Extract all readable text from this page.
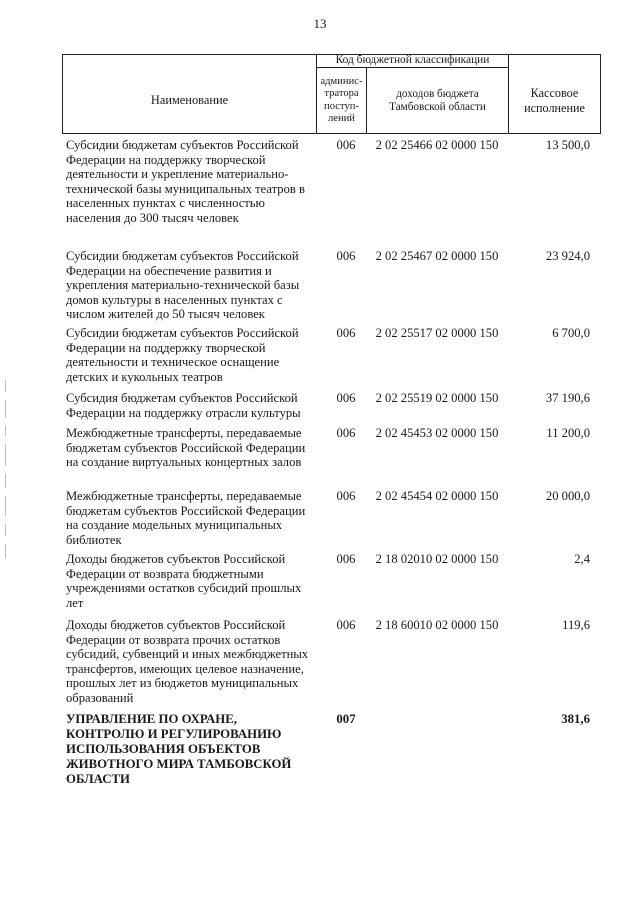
13
Наименование
Код бюджетной классификации
админис-
тратора
поступ-
лений
доходов бюджета
Тамбовской области
Кассовое
исполнение
Субсидии бюджетам субъектов Российской Федерации на поддержку творческой деятельности и укрепление материально-технической базы муниципальных театров в населенных пунктах с численностью населения до 300 тысяч человек
006	2 02 25466 02 0000 150	13 500,0
Субсидии бюджетам субъектов Российской Федерации на обеспечение развития и укрепления материально-технической базы домов культуры в населенных пунктах с числом жителей до 50 тысяч человек
006	2 02 25467 02 0000 150	23 924,0
Субсидии бюджетам субъектов Российской Федерации на поддержку творческой деятельности и техническое оснащение детских и кукольных театров
006	2 02 25517 02 0000 150	6 700,0
Субсидия бюджетам субъектов Российской Федерации на поддержку отрасли культуры
006	2 02 25519 02 0000 150	37 190,6
Межбюджетные трансферты, передаваемые бюджетам субъектов Российской Федерации на создание виртуальных концертных залов
006	2 02 45453 02 0000 150	11 200,0
Межбюджетные трансферты, передаваемые бюджетам субъектов Российской Федерации на создание модельных муниципальных библиотек
006	2 02 45454 02 0000 150	20 000,0
Доходы бюджетов субъектов Российской Федерации от возврата бюджетными учреждениями остатков субсидий прошлых лет
006	2 18 02010 02 0000 150	2,4
Доходы бюджетов субъектов Российской Федерации от возврата прочих остатков субсидий, субвенций и иных межбюджетных трансфертов, имеющих целевое назначение, прошлых лет из бюджетов муниципальных образований
006	2 18 60010 02 0000 150	119,6
УПРАВЛЕНИЕ ПО ОХРАНЕ, КОНТРОЛЮ И РЕГУЛИРОВАНИЮ ИСПОЛЬЗОВАНИЯ ОБЪЕКТОВ ЖИВОТНОГО МИРА ТАМБОВСКОЙ ОБЛАСТИ
007	381,6
